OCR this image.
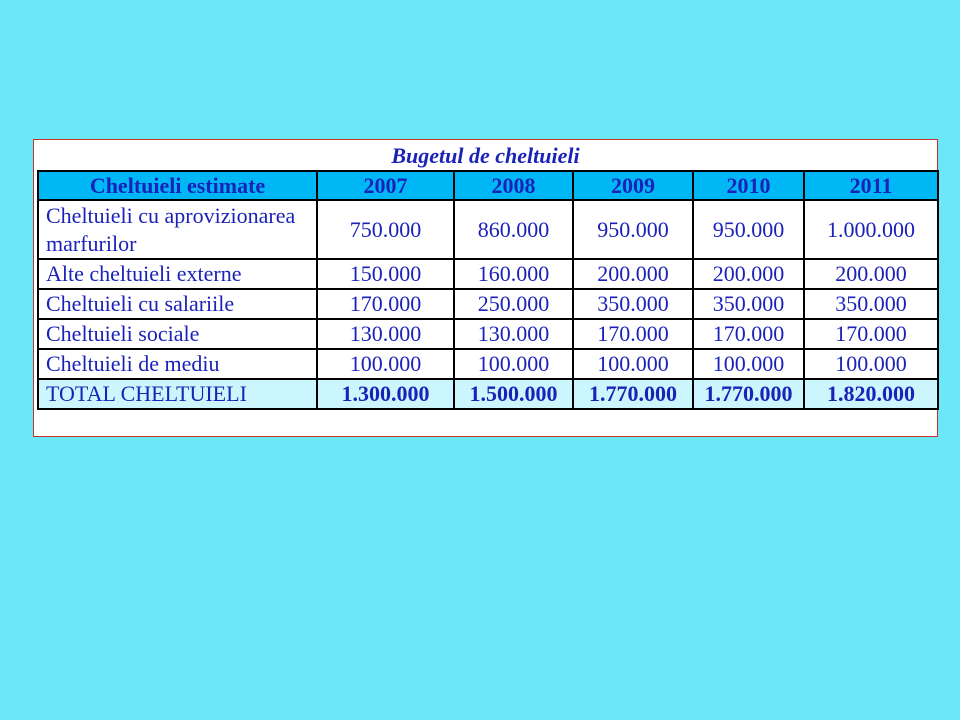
Bugetul de cheltuieli
Cheltuieli estimate	2007	2008	2009	2010	2011
Cheltuieli cu aprovizionarea marfurilor	750.000	860.000	950.000	950.000	1.000.000
Alte cheltuieli externe	150.000	160.000	200.000	200.000	200.000
Cheltuieli cu salariile	170.000	250.000	350.000	350.000	350.000
Cheltuieli sociale	130.000	130.000	170.000	170.000	170.000
Cheltuieli de mediu	100.000	100.000	100.000	100.000	100.000
TOTAL CHELTUIELI	1.300.000	1.500.000	1.770.000	1.770.000	1.820.000
